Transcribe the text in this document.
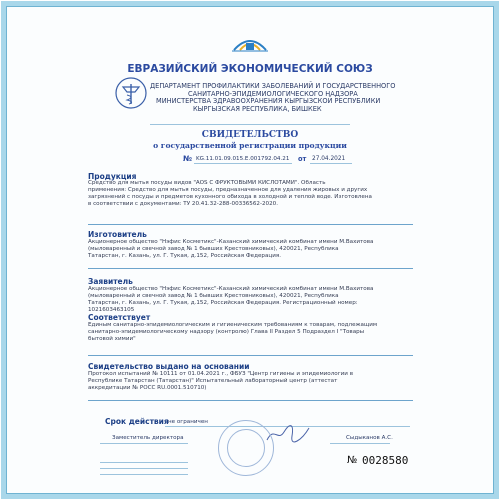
ЕВРАЗИЙСКИЙ ЭКОНОМИЧЕСКИЙ СОЮЗ
ДЕПАРТАМЕНТ ПРОФИЛАКТИКИ ЗАБОЛЕВАНИЙ И ГОСУДАРСТВЕННОГО
САНИТАРНО-ЭПИДЕМИОЛОГИЧЕСКОГО НАДЗОРА
МИНИСТЕРСТВА ЗДРАВООХРАНЕНИЯ КЫРГЫЗСКОЙ РЕСПУБЛИКИ
КЫРГЫЗСКАЯ РЕСПУБЛИКА, БИШКЕК
СВИДЕТЕЛЬСТВО
о государственной регистрации продукции
№ KG.11.01.09.015.Е.001792.04.21 от 27.04.2021
Продукция
Средство для мытья посуды видов "AOS С ФРУКТОВЫМИ КИСЛОТАМИ". Область
применения: Средство для мытья посуды, предназначенное для удаления жировых и других
загрязнений с посуды и предметов кухонного обихода в холодной и теплой воде. Изготовлена
в соответствии с документами: ТУ 20.41.32-288-00336562-2020.
Изготовитель
Акционерное общество "Нэфис Косметикс"-Казанский химический комбинат имени М.Вахитова
(мыловаренный и свечной завод № 1 бывших Крестовниковых), 420021, Республика
Татарстан, г. Казань, ул. Г. Тукая, д.152, Российская Федерация.
Заявитель
Акционерное общество "Нэфис Косметикс"-Казанский химический комбинат имени М.Вахитова
(мыловаренный и свечной завод № 1 бывших Крестовниковых), 420021, Республика
Татарстан, г. Казань, ул. Г. Тукая, д.152, Российская Федерация. Регистрационный номер:
1021603463105
Соответствует
Единым санитарно-эпидемиологическим и гигиеническим требованиям к товарам, подлежащим
санитарно-эпидемиологическому надзору (контролю) Глава II Раздел 5 Подраздел I "Товары
бытовой химии"
Свидетельство выдано на основании
Протокол испытаний № 10111 от 01.04.2021 г., ФБУЗ "Центр гигиены и эпидемиологии в
Республике Татарстан (Татарстан)" Испытательный лабораторный центр (аттестат
аккредитации № РОСС RU.0001.510710)
Срок действия не ограничен
Заместитель директора	Сыдыканов А.С.
№ 0028580
